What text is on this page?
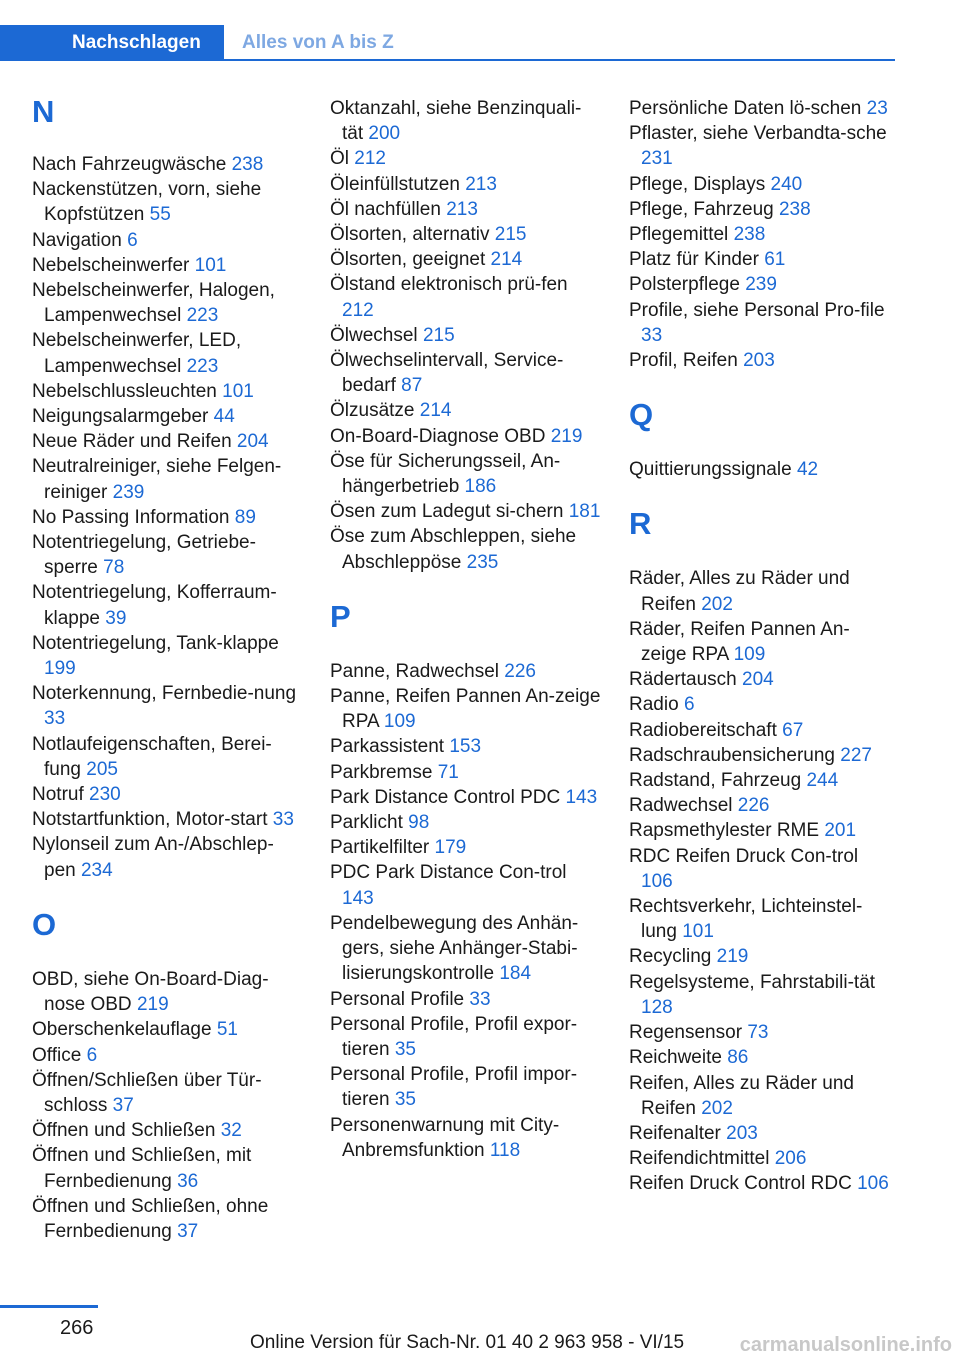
Nachschlagen	Alles von A bis Z
N
Nach Fahrzeugwäsche 238
Nackenstützen, vorn, siehe Kopfstützen 55
Navigation 6
Nebelscheinwerfer 101
Nebelscheinwerfer, Halogen, Lampenwechsel 223
Nebelscheinwerfer, LED, Lampenwechsel 223
Nebelschlussleuchten 101
Neigungsalarmgeber 44
Neue Räder und Reifen 204
Neutralreiniger, siehe Felgen-reiniger 239
No Passing Information 89
Notentriegelung, Getriebe-sperre 78
Notentriegelung, Kofferraum-klappe 39
Notentriegelung, Tank-klappe 199
Noterkennung, Fernbedie-nung 33
Notlaufeigenschaften, Berei-fung 205
Notruf 230
Notstartfunktion, Motor-start 33
Nylonseil zum An-/Abschlep-pen 234
O
OBD, siehe On-Board-Diag-nose OBD 219
Oberschenkelauflage 51
Office 6
Öffnen/Schließen über Tür-schloss 37
Öffnen und Schließen 32
Öffnen und Schließen, mit Fernbedienung 36
Öffnen und Schließen, ohne Fernbedienung 37
Oktanzahl, siehe Benzinquali-tät 200
Öl 212
Öleinfüllstutzen 213
Öl nachfüllen 213
Ölsorten, alternativ 215
Ölsorten, geeignet 214
Ölstand elektronisch prü-fen 212
Ölwechsel 215
Ölwechselintervall, Service-bedarf 87
Ölzusätze 214
On-Board-Diagnose OBD 219
Öse für Sicherungsseil, An-hängerbetrieb 186
Ösen zum Ladegut si-chern 181
Öse zum Abschleppen, siehe Abschleppöse 235
P
Panne, Radwechsel 226
Panne, Reifen Pannen An-zeige RPA 109
Parkassistent 153
Parkbremse 71
Park Distance Control PDC 143
Parklicht 98
Partikelfilter 179
PDC Park Distance Con-trol 143
Pendelbewegung des Anhän-gers, siehe Anhänger-Stabi-lisierungskontrolle 184
Personal Profile 33
Personal Profile, Profil expor-tieren 35
Personal Profile, Profil impor-tieren 35
Personenwarnung mit City-Anbremsfunktion 118
Persönliche Daten lö-schen 23
Pflaster, siehe Verbandta-sche 231
Pflege, Displays 240
Pflege, Fahrzeug 238
Pflegemittel 238
Platz für Kinder 61
Polsterpflege 239
Profile, siehe Personal Pro-file 33
Profil, Reifen 203
Q
Quittierungssignale 42
R
Räder, Alles zu Räder und Reifen 202
Räder, Reifen Pannen An-zeige RPA 109
Rädertausch 204
Radio 6
Radiobereitschaft 67
Radschraubensicherung 227
Radstand, Fahrzeug 244
Radwechsel 226
Rapsmethylester RME 201
RDC Reifen Druck Con-trol 106
Rechtsverkehr, Lichteinstel-lung 101
Recycling 219
Regelsysteme, Fahrstabili-tät 128
Regensensor 73
Reichweite 86
Reifen, Alles zu Räder und Reifen 202
Reifenalter 203
Reifendichtmittel 206
Reifen Druck Control RDC 106
266
Online Version für Sach-Nr. 01 40 2 963 958 - VI/15	carmanualsonline.info
